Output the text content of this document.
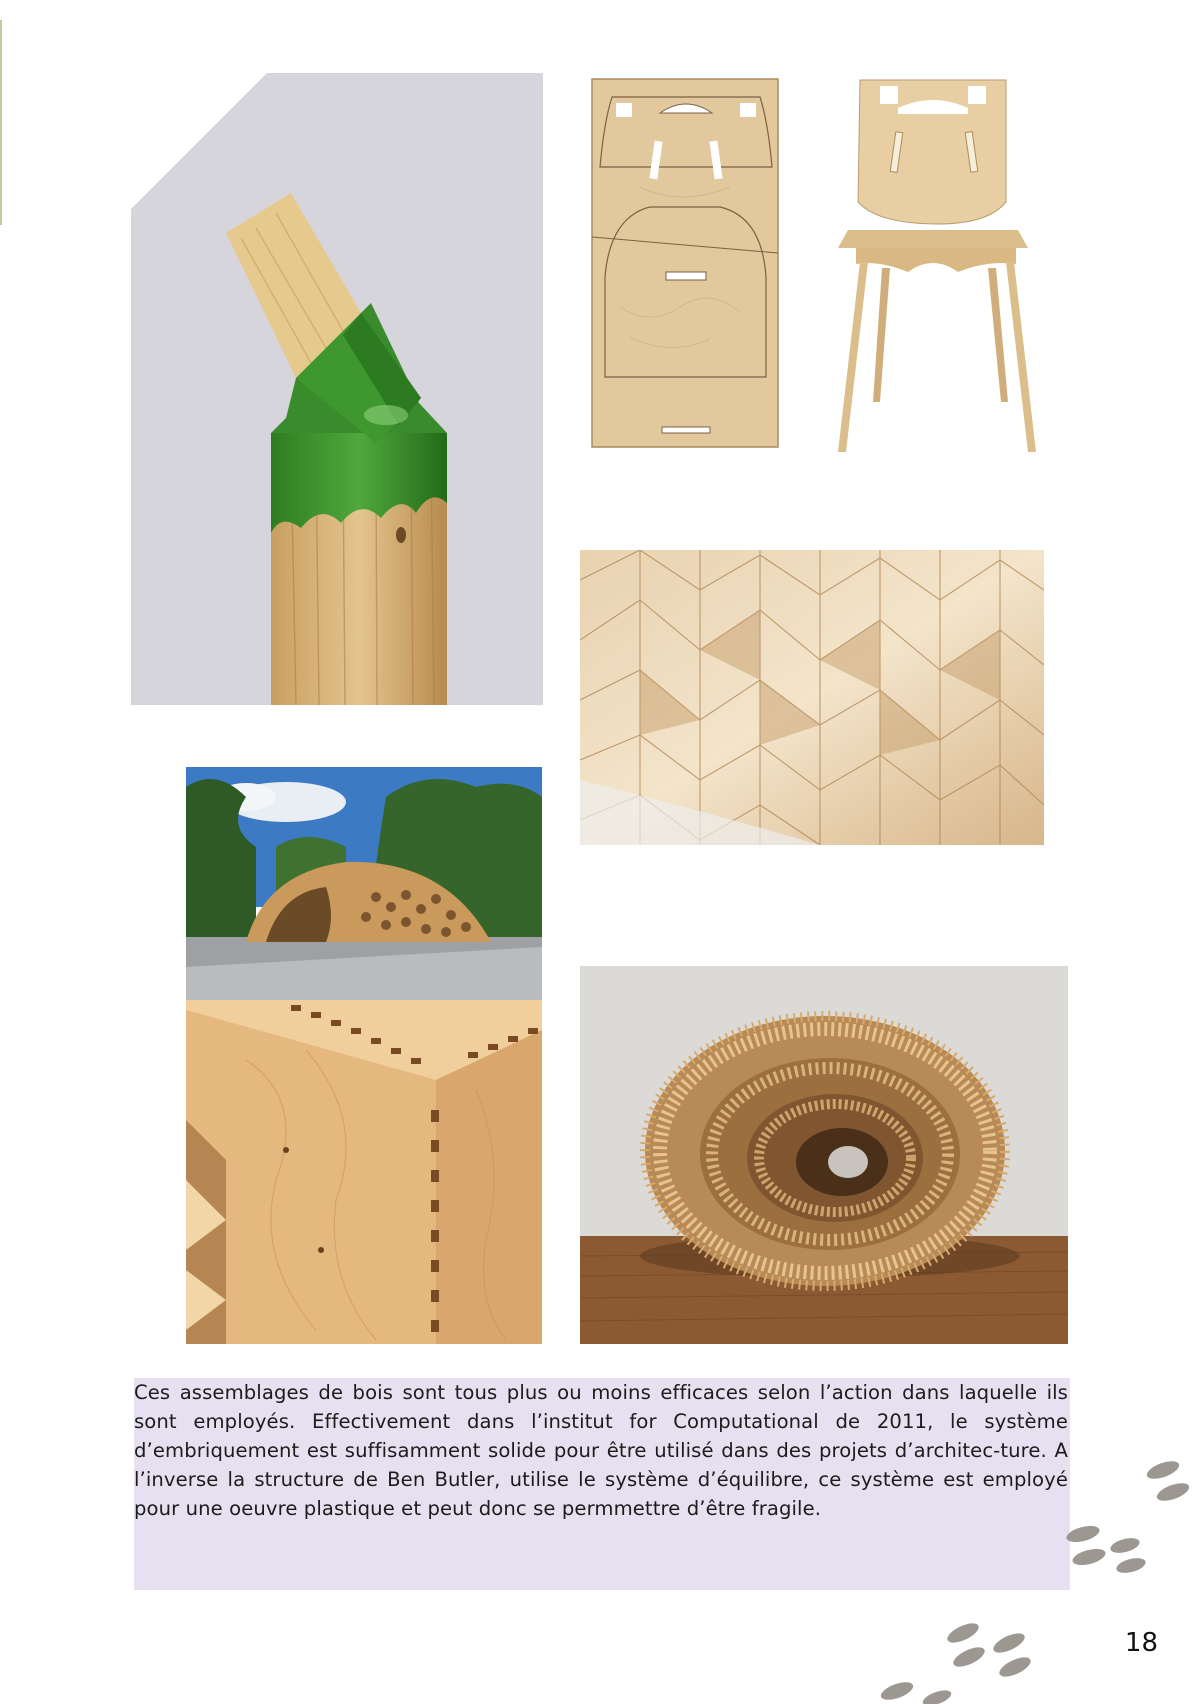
Ces assemblages de bois sont tous plus ou moins efficaces selon l’action dans laquelle ils sont employés. Effectivement dans l’institut for Computational de 2011, le système d’embriquement est suffisamment solide pour être utilisé dans des projets d’architec-ture. A l’inverse la structure de Ben Butler, utilise le système d’équilibre, ce système est employé pour une oeuvre plastique et peut donc se permmettre d’être fragile.

18
